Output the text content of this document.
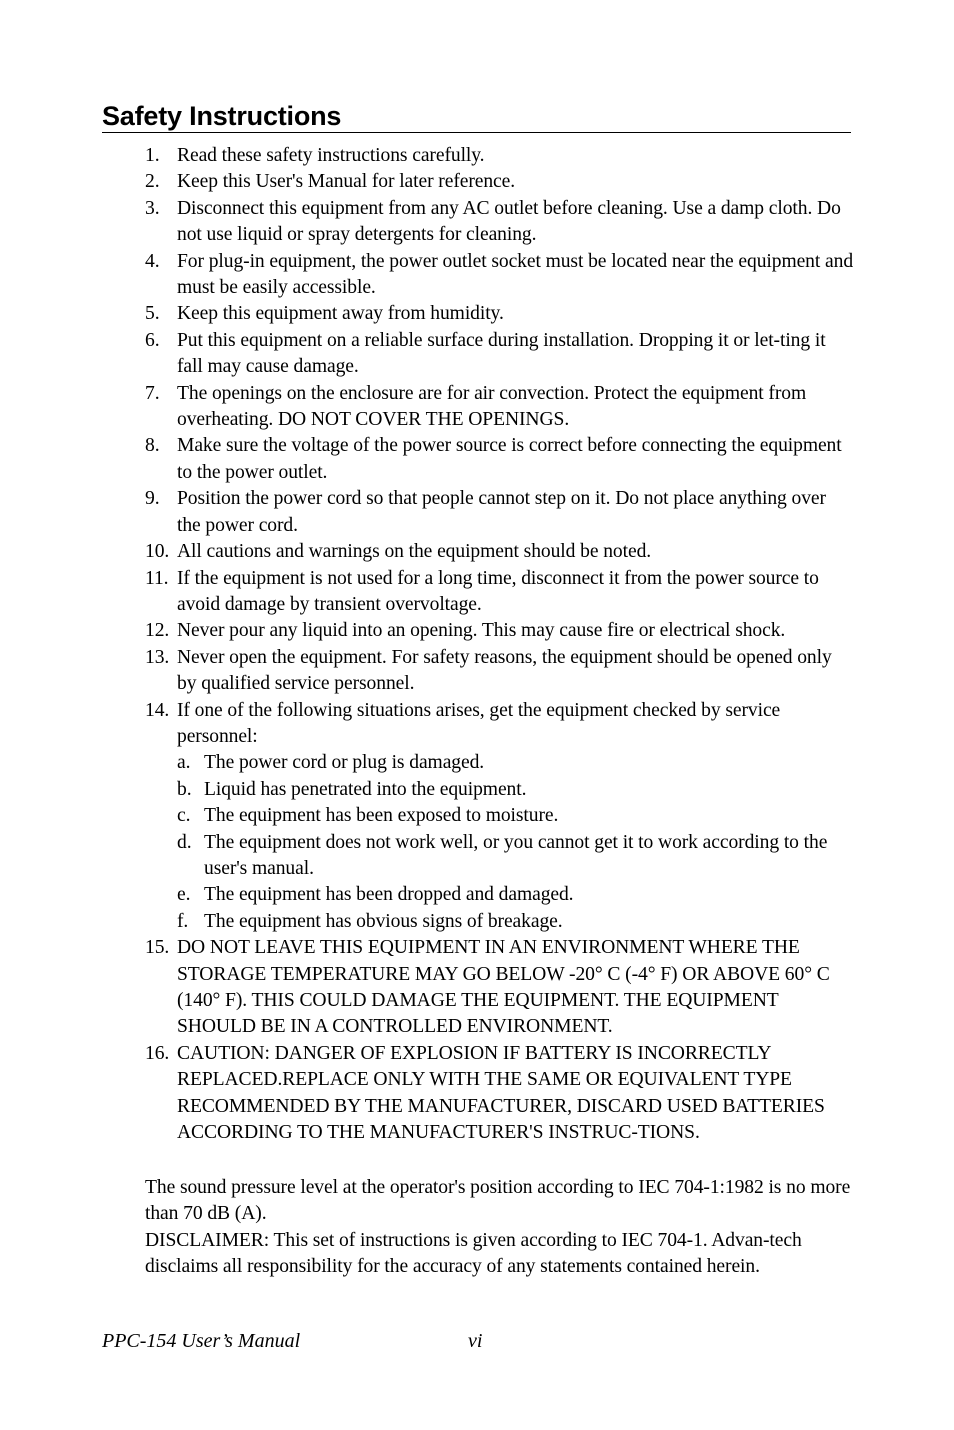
Safety Instructions
1. Read these safety instructions carefully.
2. Keep this User's Manual for later reference.
3. Disconnect this equipment from any AC outlet before cleaning. Use a damp cloth. Do not use liquid or spray detergents for cleaning.
4. For plug-in equipment, the power outlet socket must be located near the equipment and must be easily accessible.
5. Keep this equipment away from humidity.
6. Put this equipment on a reliable surface during installation. Dropping it or let-ting it fall may cause damage.
7. The openings on the enclosure are for air convection. Protect the equipment from overheating. DO NOT COVER THE OPENINGS.
8. Make sure the voltage of the power source is correct before connecting the equipment to the power outlet.
9. Position the power cord so that people cannot step on it. Do not place anything over the power cord.
10. All cautions and warnings on the equipment should be noted.
11. If the equipment is not used for a long time, disconnect it from the power source to avoid damage by transient overvoltage.
12. Never pour any liquid into an opening. This may cause fire or electrical shock.
13. Never open the equipment. For safety reasons, the equipment should be opened only by qualified service personnel.
14. If one of the following situations arises, get the equipment checked by service personnel:
a. The power cord or plug is damaged.
b. Liquid has penetrated into the equipment.
c. The equipment has been exposed to moisture.
d. The equipment does not work well, or you cannot get it to work according to the user's manual.
e. The equipment has been dropped and damaged.
f. The equipment has obvious signs of breakage.
15. DO NOT LEAVE THIS EQUIPMENT IN AN ENVIRONMENT WHERE THE STORAGE TEMPERATURE MAY GO BELOW -20° C (-4° F) OR ABOVE 60° C (140° F). THIS COULD DAMAGE THE EQUIPMENT. THE EQUIPMENT SHOULD BE IN A CONTROLLED ENVIRONMENT.
16. CAUTION: DANGER OF EXPLOSION IF BATTERY IS INCORRECTLY REPLACED.REPLACE ONLY WITH THE SAME OR EQUIVALENT TYPE RECOMMENDED BY THE MANUFACTURER, DISCARD USED BATTERIES ACCORDING TO THE MANUFACTURER'S INSTRUC-TIONS.
The sound pressure level at the operator's position according to IEC 704-1:1982 is no more than 70 dB (A).
DISCLAIMER: This set of instructions is given according to IEC 704-1. Advan-tech disclaims all responsibility for the accuracy of any statements contained herein.
PPC-154 User’s Manual	vi
